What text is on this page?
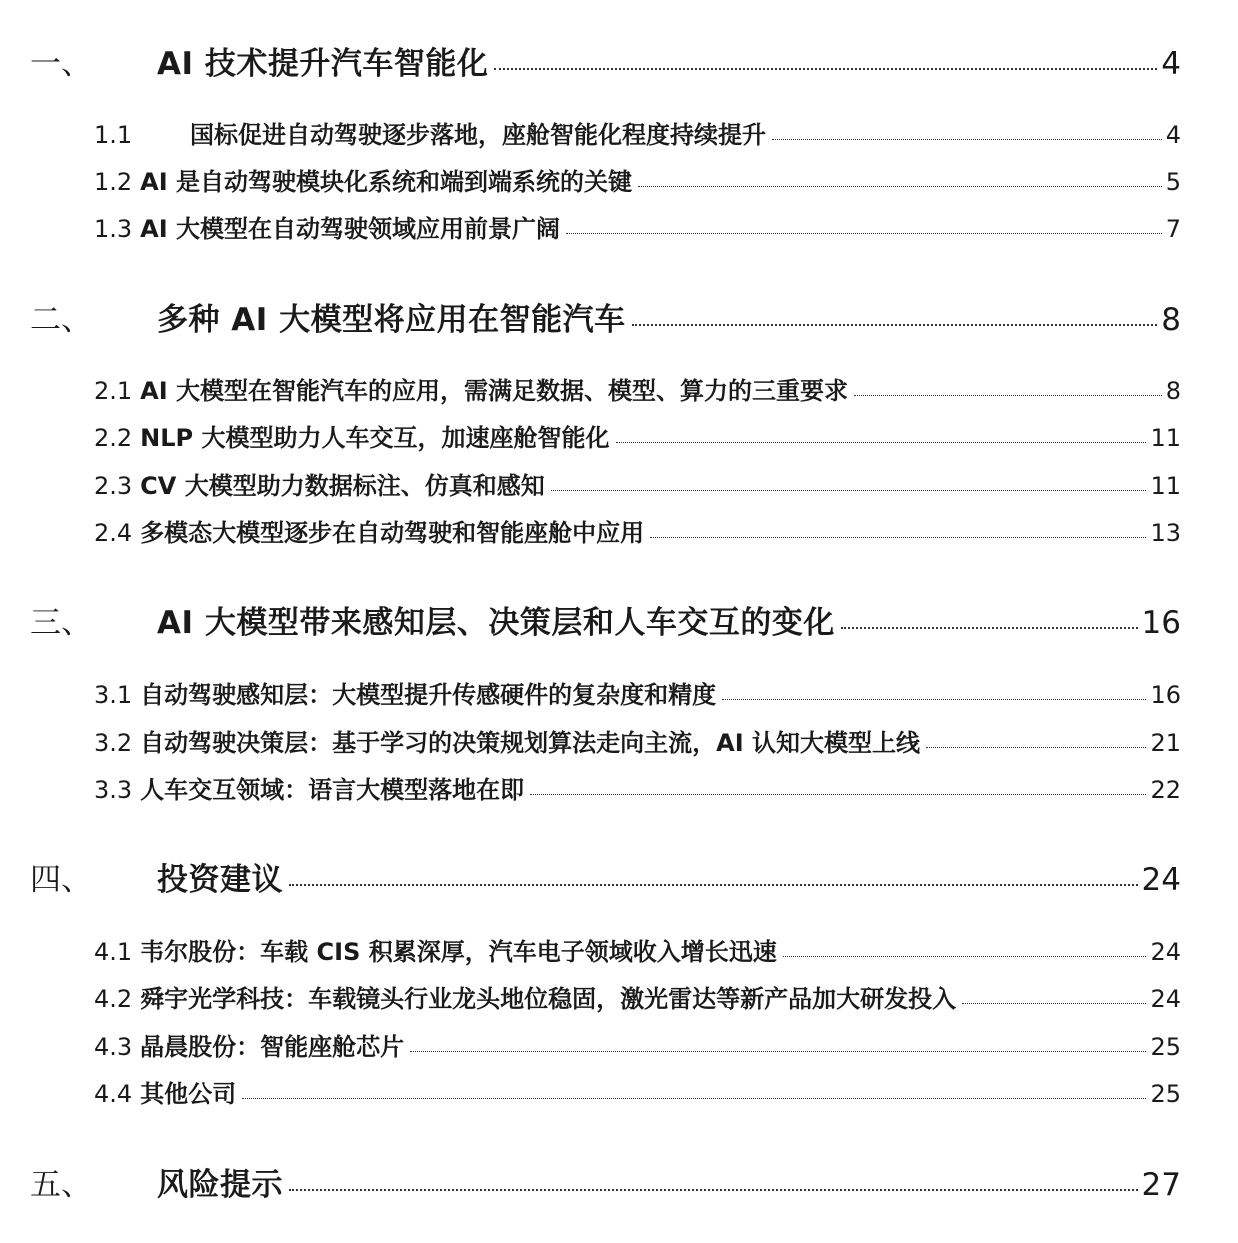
一、	AI 技术提升汽车智能化	4
1.1	国标促进自动驾驶逐步落地，座舱智能化程度持续提升	4
1.2 AI 是自动驾驶模块化系统和端到端系统的关键	5
1.3 AI 大模型在自动驾驶领域应用前景广阔	7
二、	多种 AI 大模型将应用在智能汽车	8
2.1 AI 大模型在智能汽车的应用，需满足数据、模型、算力的三重要求	8
2.2 NLP 大模型助力人车交互，加速座舱智能化	11
2.3 CV 大模型助力数据标注、仿真和感知	11
2.4 多模态大模型逐步在自动驾驶和智能座舱中应用	13
三、	AI 大模型带来感知层、决策层和人车交互的变化	16
3.1 自动驾驶感知层：大模型提升传感硬件的复杂度和精度	16
3.2 自动驾驶决策层：基于学习的决策规划算法走向主流，AI 认知大模型上线	21
3.3 人车交互领域：语言大模型落地在即	22
四、	投资建议	24
4.1 韦尔股份：车载 CIS 积累深厚，汽车电子领域收入增长迅速	24
4.2 舜宇光学科技：车载镜头行业龙头地位稳固，激光雷达等新产品加大研发投入	24
4.3 晶晨股份：智能座舱芯片	25
4.4 其他公司	25
五、	风险提示	27
